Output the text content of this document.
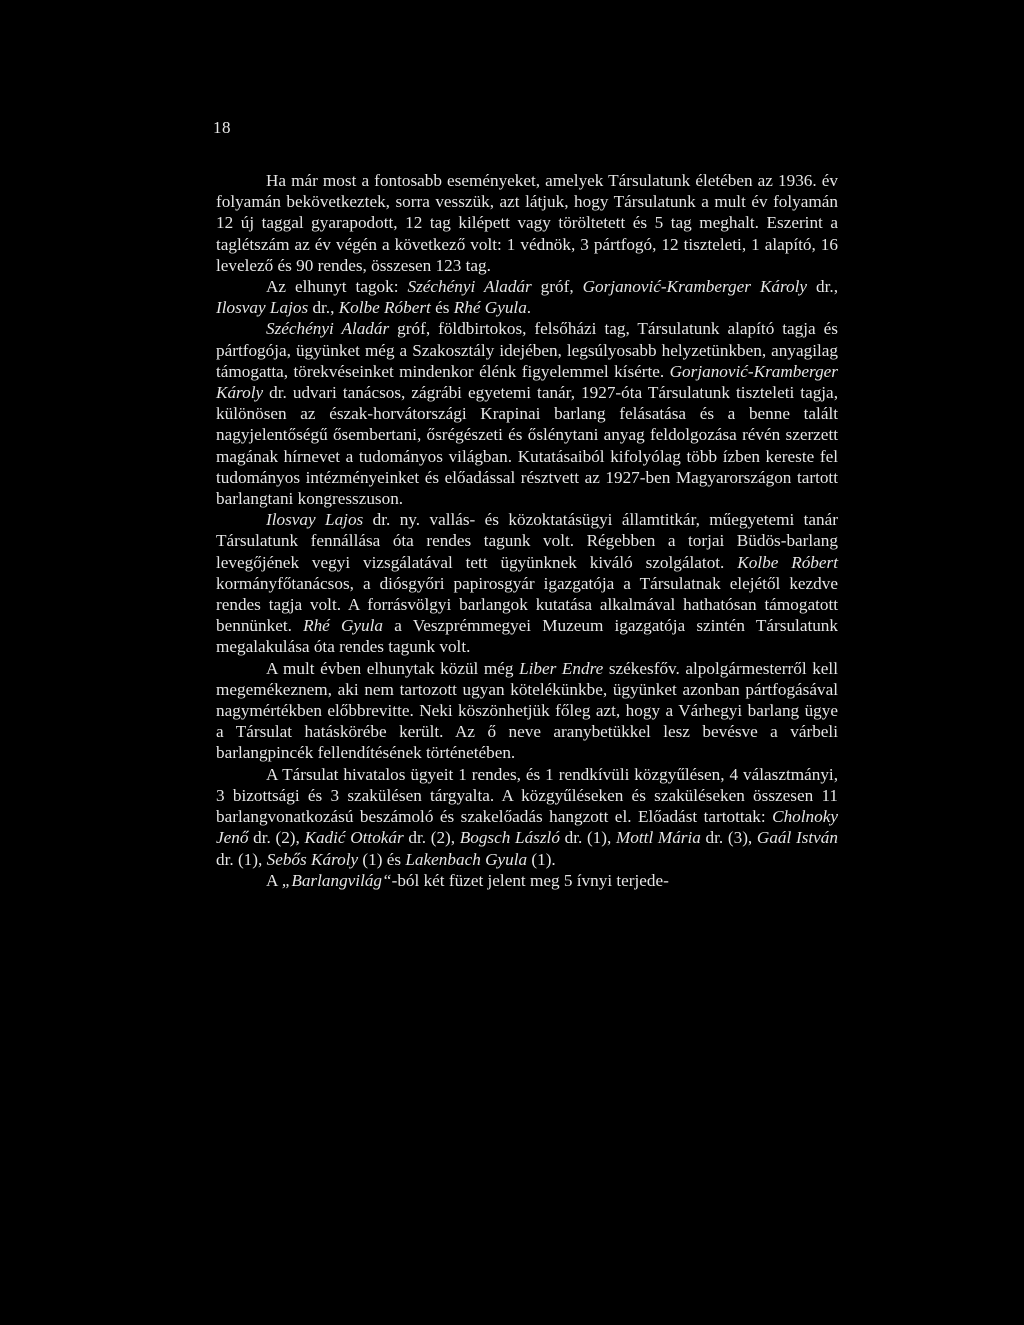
18

Ha már most a fontosabb eseményeket, amelyek Társulatunk életében az 1936. év folyamán bekövetkeztek, sorra vesszük, azt látjuk, hogy Társulatunk a mult év folyamán 12 új taggal gyarapodott, 12 tag kilépett vagy töröltetett és 5 tag meghalt. Eszerint a taglétszám az év végén a következő volt: 1 védnök, 3 pártfogó, 12 tiszteleti, 1 alapító, 16 levelező és 90 rendes, összesen 123 tag.

Az elhunyt tagok: Széchényi Aladár gróf, Gorjanović-Kramberger Károly dr., Ilosvay Lajos dr., Kolbe Róbert és Rhé Gyula.

Széchényi Aladár gróf, földbirtokos, felsőházi tag, Társulatunk alapító tagja és pártfogója, ügyünket még a Szakosztály idejében, legsúlyosabb helyzetünkben, anyagilag támogatta, törekvéseinket mindenkor élénk figyelemmel kísérte. Gorjanović-Kramberger Károly dr. udvari tanácsos, zágrábi egyetemi tanár, 1927-óta Társulatunk tiszteleti tagja, különösen az észak-horvátországi Krapinai barlang felásatása és a benne talált nagyjelentőségű ősembertani, ősrégészeti és őslénytani anyag feldolgozása révén szerzett magának hírnevet a tudományos világban. Kutatásaiból kifolyólag több ízben kereste fel tudományos intézményeinket és előadással résztvett az 1927-ben Magyarországon tartott barlangtani kongresszuson.

Ilosvay Lajos dr. ny. vallás- és közoktatásügyi államtitkár, műegyetemi tanár Társulatunk fennállása óta rendes tagunk volt. Régebben a torjai Büdös-barlang levegőjének vegyi vizsgálatával tett ügyünknek kiváló szolgálatot. Kolbe Róbert kormányfőtanácsos, a diósgyőri papirosgyár igazgatója a Társulatnak elejétől kezdve rendes tagja volt. A forrásvölgyi barlangok kutatása alkalmával hathatósan támogatott bennünket. Rhé Gyula a Veszprémmegyei Muzeum igazgatója szintén Társulatunk megalakulása óta rendes tagunk volt.

A mult évben elhunytak közül még Liber Endre székesfőv. alpolgármesterről kell megemékeznem, aki nem tartozott ugyan kötelékünkbe, ügyünket azonban pártfogásával nagymértékben előbbrevitte. Neki köszönhetjük főleg azt, hogy a Várhegyi barlang ügye a Társulat hatáskörébe került. Az ő neve aranybetükkel lesz bevésve a várbeli barlangpincék fellendítésének történetében.

A Társulat hivatalos ügyeit 1 rendes, és 1 rendkívüli közgyűlésen, 4 választmányi, 3 bizottsági és 3 szakülésen tárgyalta. A közgyűléseken és szaküléseken összesen 11 barlangvonatkozású beszámoló és szakelőadás hangzott el. Előadást tartottak: Cholnoky Jenő dr. (2), Kadić Ottokár dr. (2), Bogsch László dr. (1), Mottl Mária dr. (3), Gaál István dr. (1), Sebős Károly (1) és Lakenbach Gyula (1).

A „Barlangvilág“-ból két füzet jelent meg 5 ívnyi terjede-
